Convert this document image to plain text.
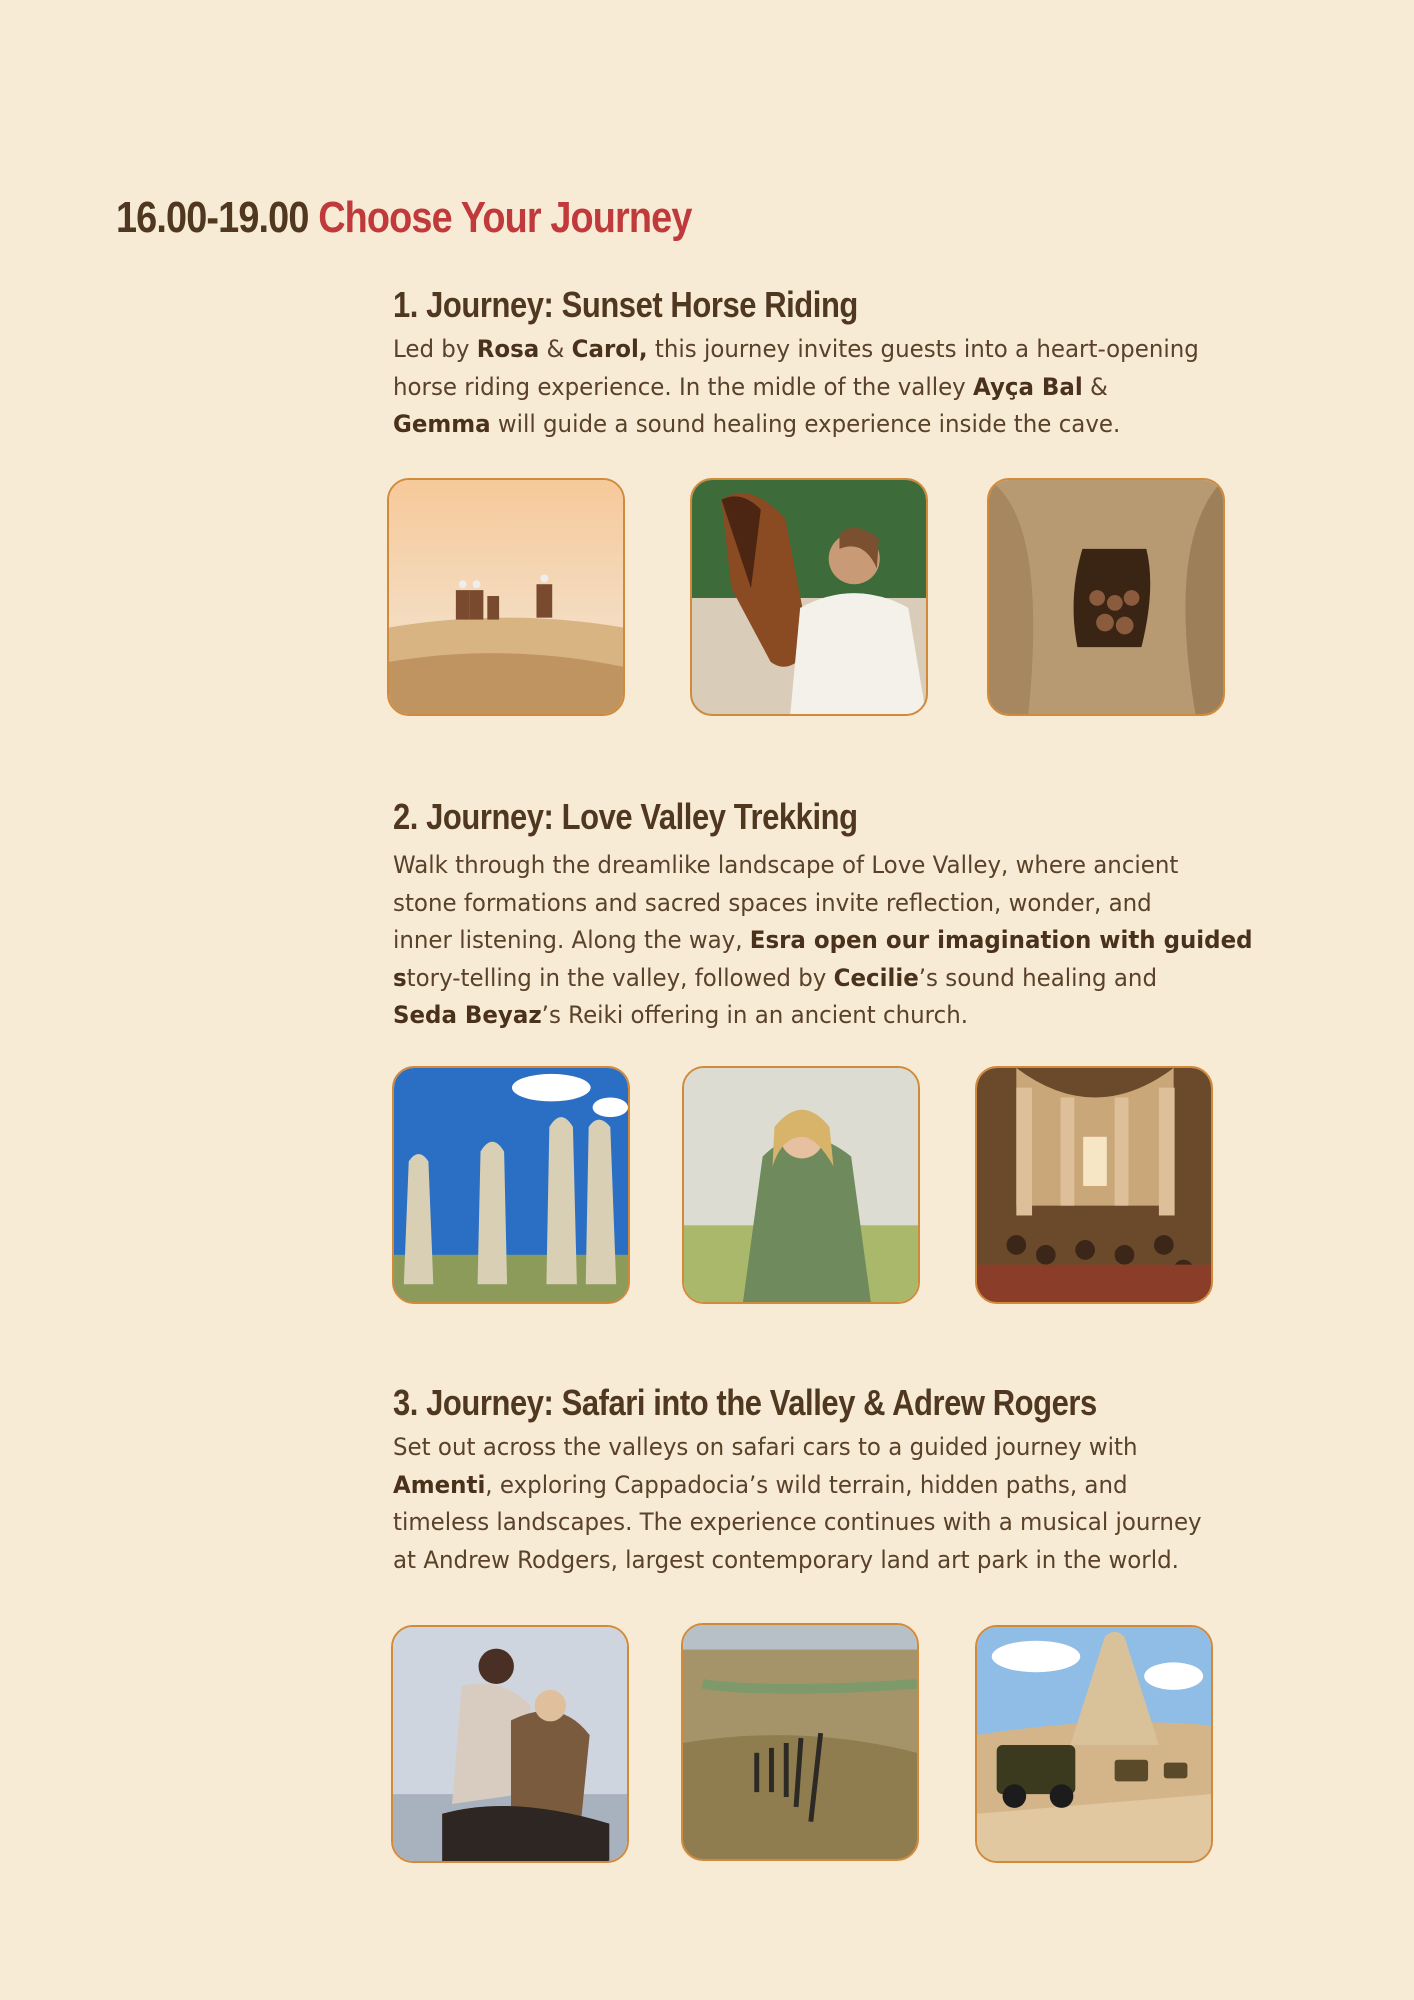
16.00-19.00 Choose Your Journey
1. Journey: Sunset Horse Riding
Led by Rosa & Carol, this journey invites guests into a heart-opening
horse riding experience. In the midle of the valley Ayça Bal &
Gemma will guide a sound healing experience inside the cave.
2. Journey: Love Valley Trekking
Walk through the dreamlike landscape of Love Valley, where ancient
stone formations and sacred spaces invite reflection, wonder, and
inner listening. Along the way, Esra open our imagination with guided
story-telling in the valley, followed by Cecilie’s sound healing and
Seda Beyaz’s Reiki offering in an ancient church.
3. Journey: Safari into the Valley & Adrew Rogers
Set out across the valleys on safari cars to a guided journey with
Amenti, exploring Cappadocia’s wild terrain, hidden paths, and
timeless landscapes. The experience continues with a musical journey
at Andrew Rodgers, largest contemporary land art park in the world.
